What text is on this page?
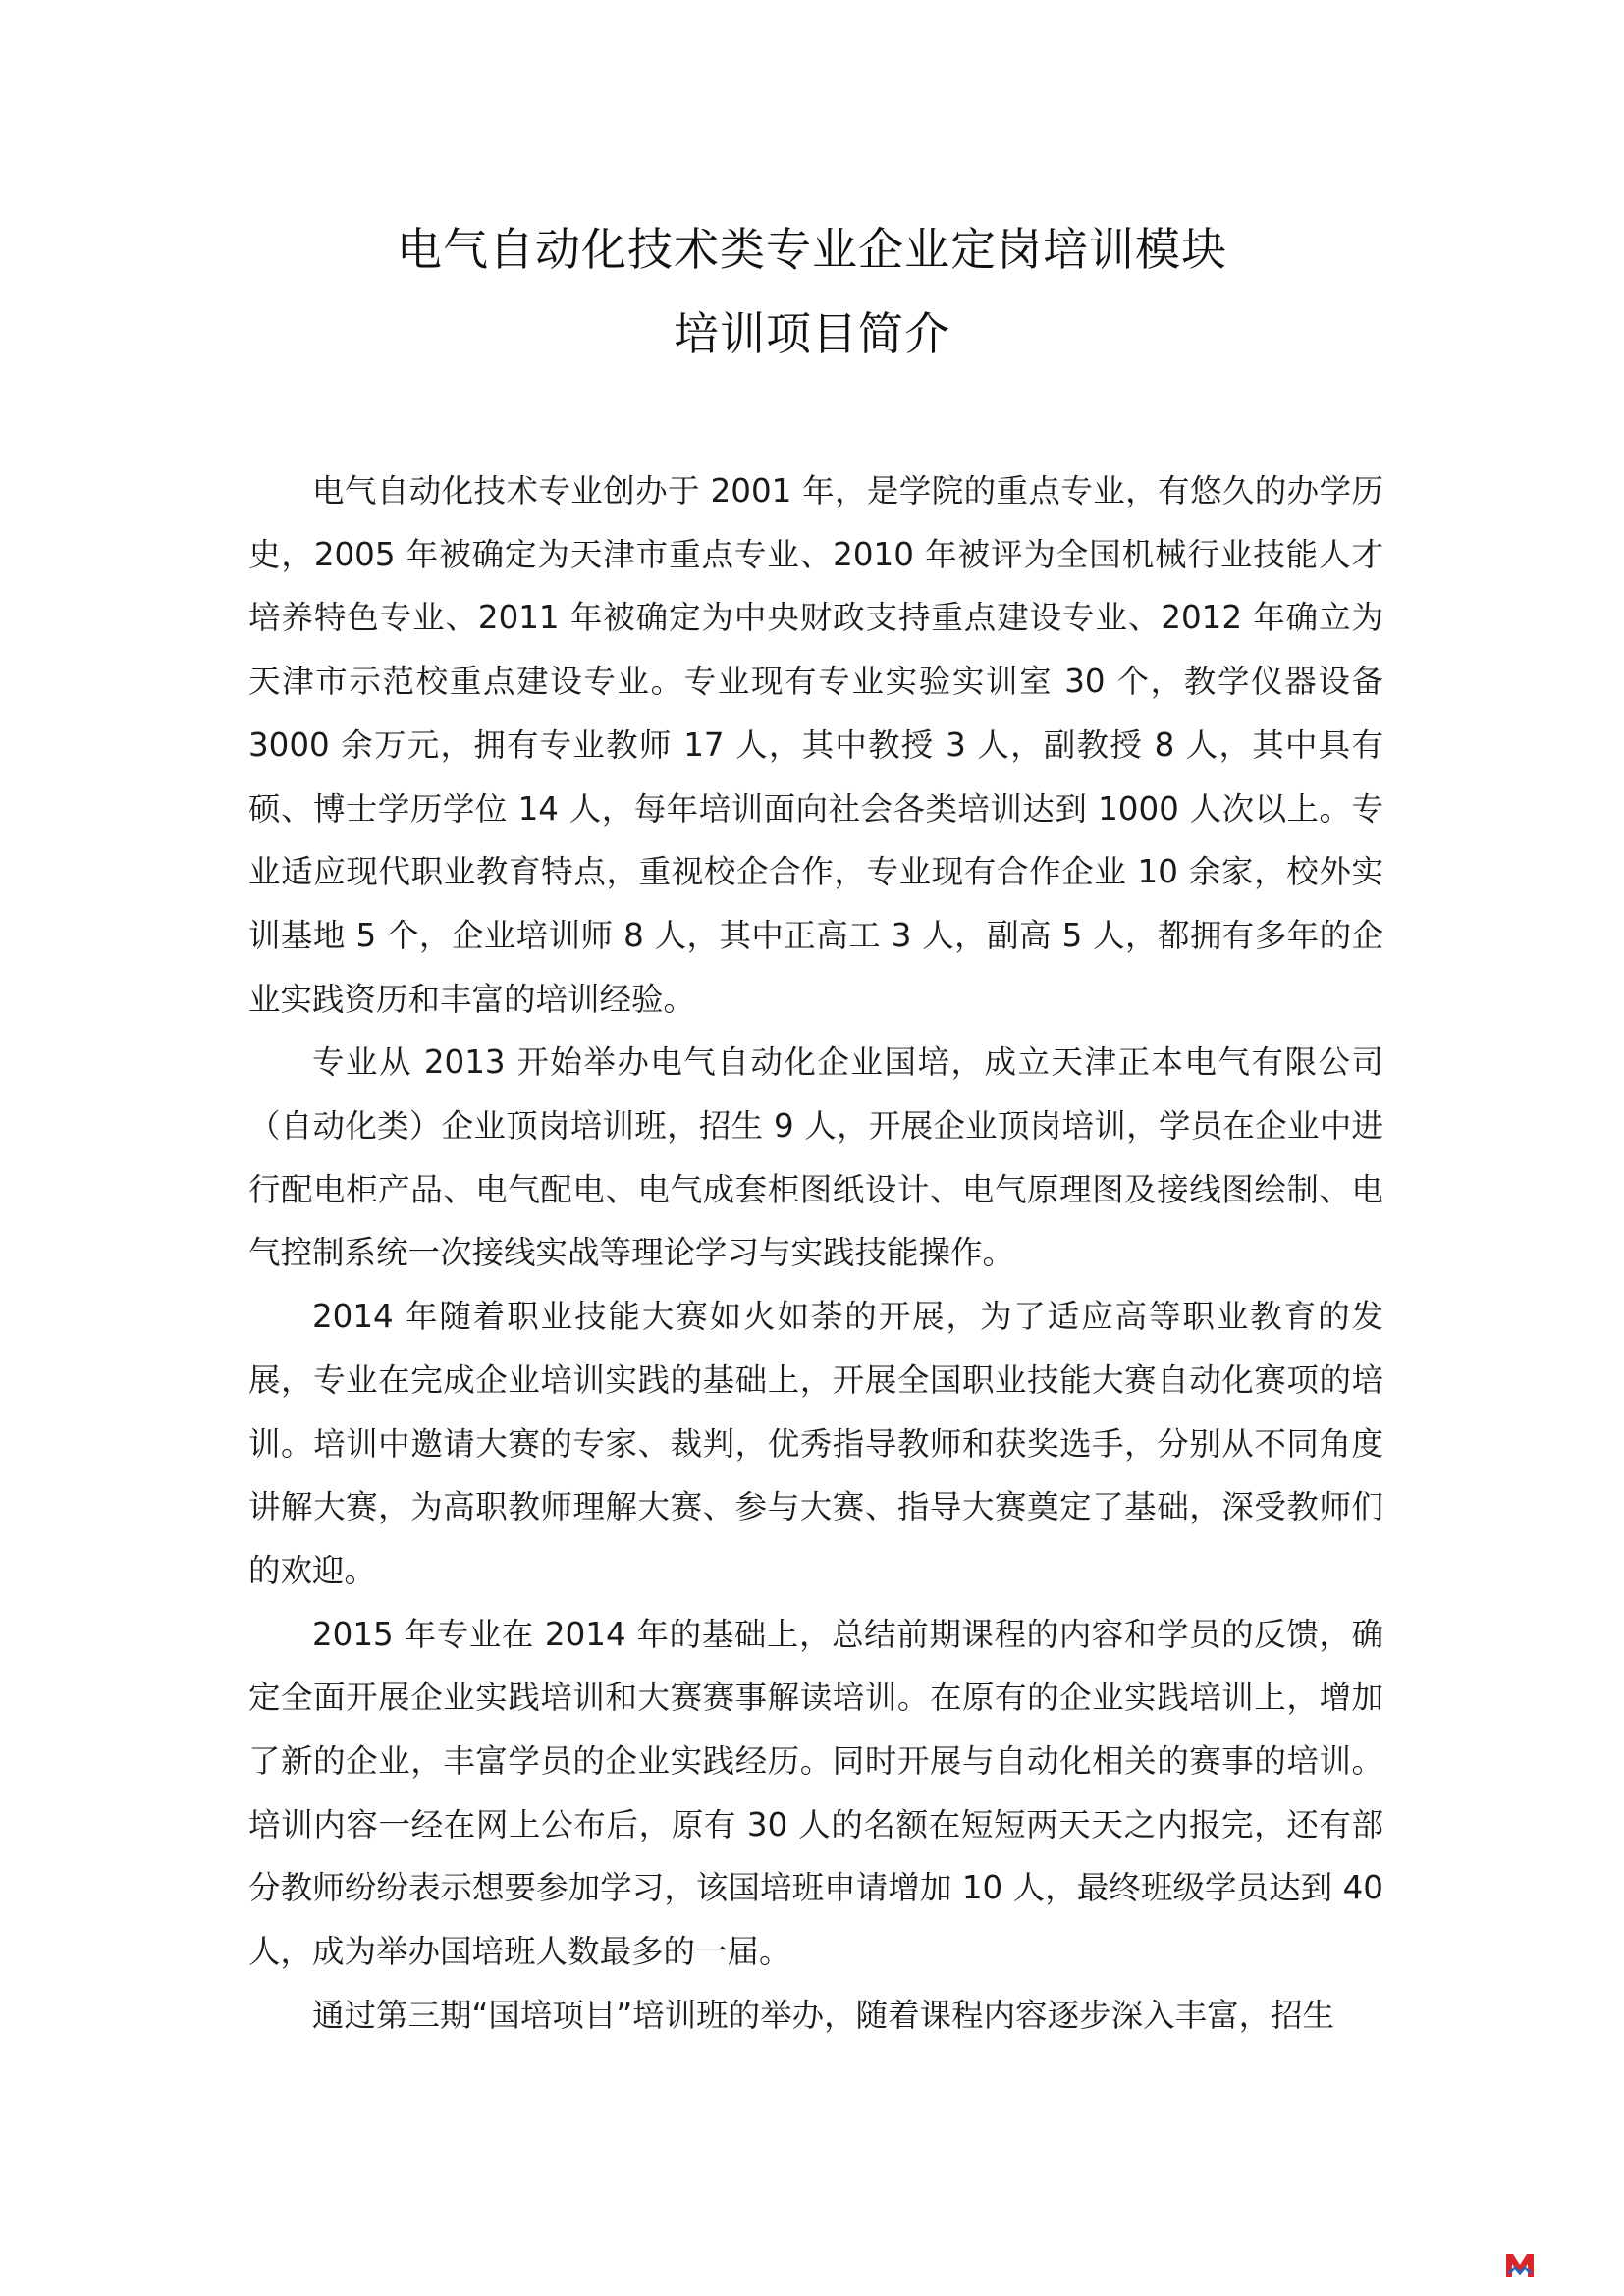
电气自动化技术类专业企业定岗培训模块
培训项目简介

电气自动化技术专业创办于 2001 年，是学院的重点专业，有悠久的办学历史，2005 年被确定为天津市重点专业、2010 年被评为全国机械行业技能人才培养特色专业、2011 年被确定为中央财政支持重点建设专业、2012 年确立为天津市示范校重点建设专业。专业现有专业实验实训室 30 个，教学仪器设备 3000 余万元，拥有专业教师 17 人，其中教授 3 人，副教授 8 人，其中具有硕、博士学历学位 14 人，每年培训面向社会各类培训达到 1000 人次以上。专业适应现代职业教育特点，重视校企合作，专业现有合作企业 10 余家，校外实训基地 5 个，企业培训师 8 人，其中正高工 3 人，副高 5 人，都拥有多年的企业实践资历和丰富的培训经验。

专业从 2013 开始举办电气自动化企业国培，成立天津正本电气有限公司（自动化类）企业顶岗培训班，招生 9 人，开展企业顶岗培训，学员在企业中进行配电柜产品、电气配电、电气成套柜图纸设计、电气原理图及接线图绘制、电气控制系统一次接线实战等理论学习与实践技能操作。

2014 年随着职业技能大赛如火如荼的开展，为了适应高等职业教育的发展，专业在完成企业培训实践的基础上，开展全国职业技能大赛自动化赛项的培训。培训中邀请大赛的专家、裁判，优秀指导教师和获奖选手，分别从不同角度讲解大赛，为高职教师理解大赛、参与大赛、指导大赛奠定了基础，深受教师们的欢迎。

2015 年专业在 2014 年的基础上，总结前期课程的内容和学员的反馈，确定全面开展企业实践培训和大赛赛事解读培训。在原有的企业实践培训上，增加了新的企业，丰富学员的企业实践经历。同时开展与自动化相关的赛事的培训。培训内容一经在网上公布后，原有 30 人的名额在短短两天天之内报完，还有部分教师纷纷表示想要参加学习，该国培班申请增加 10 人，最终班级学员达到 40 人，成为举办国培班人数最多的一届。

通过第三期“国培项目”培训班的举办，随着课程内容逐步深入丰富，招生
